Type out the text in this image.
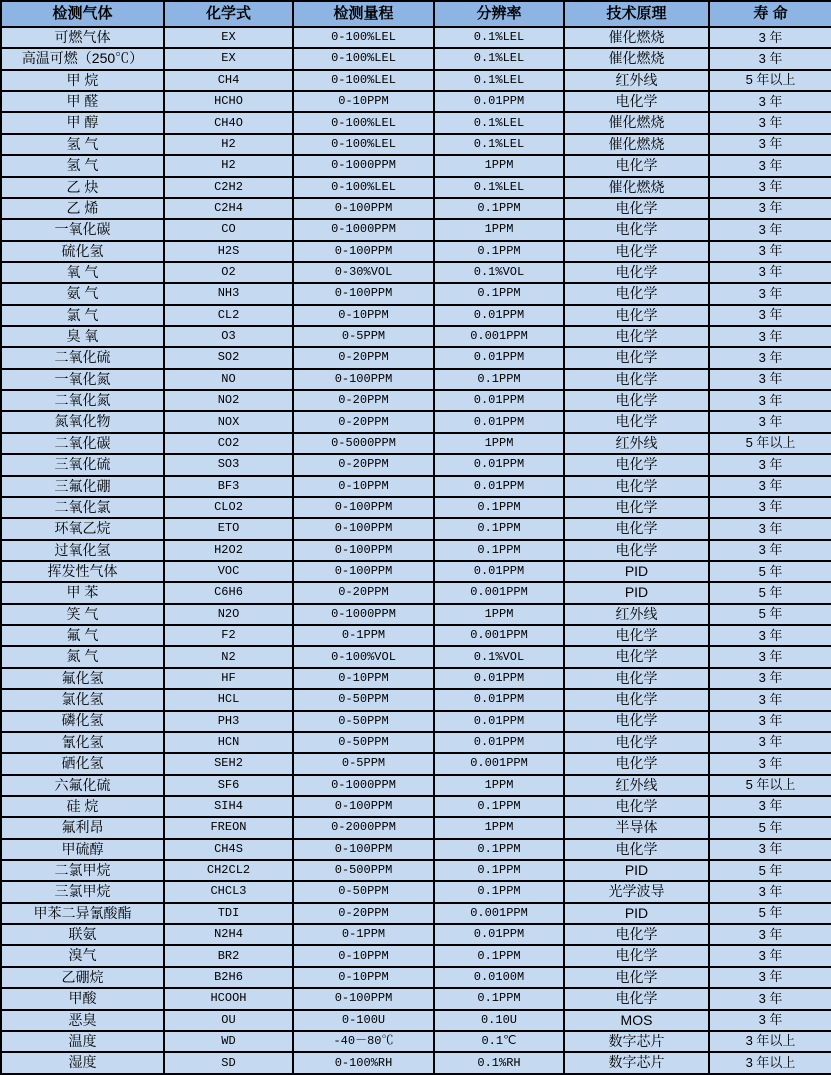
检测气体	化学式	检测量程	分辨率	技术原理	寿 命
可燃气体	EX	0-100%LEL	0.1%LEL	催化燃烧	3 年
高温可燃（250℃）	EX	0-100%LEL	0.1%LEL	催化燃烧	3 年
甲 烷	CH4	0-100%LEL	0.1%LEL	红外线	5 年以上
甲 醛	HCHO	0-10PPM	0.01PPM	电化学	3 年
甲 醇	CH4O	0-100%LEL	0.1%LEL	催化燃烧	3 年
氢 气	H2	0-100%LEL	0.1%LEL	催化燃烧	3 年
氢 气	H2	0-1000PPM	1PPM	电化学	3 年
乙 炔	C2H2	0-100%LEL	0.1%LEL	催化燃烧	3 年
乙 烯	C2H4	0-100PPM	0.1PPM	电化学	3 年
一氧化碳	CO	0-1000PPM	1PPM	电化学	3 年
硫化氢	H2S	0-100PPM	0.1PPM	电化学	3 年
氧 气	O2	0-30%VOL	0.1%VOL	电化学	3 年
氨 气	NH3	0-100PPM	0.1PPM	电化学	3 年
氯 气	CL2	0-10PPM	0.01PPM	电化学	3 年
臭 氧	O3	0-5PPM	0.001PPM	电化学	3 年
二氧化硫	SO2	0-20PPM	0.01PPM	电化学	3 年
一氧化氮	NO	0-100PPM	0.1PPM	电化学	3 年
二氧化氮	NO2	0-20PPM	0.01PPM	电化学	3 年
氮氧化物	NOX	0-20PPM	0.01PPM	电化学	3 年
二氧化碳	CO2	0-5000PPM	1PPM	红外线	5 年以上
三氧化硫	SO3	0-20PPM	0.01PPM	电化学	3 年
三氟化硼	BF3	0-10PPM	0.01PPM	电化学	3 年
二氧化氯	CLO2	0-100PPM	0.1PPM	电化学	3 年
环氧乙烷	ETO	0-100PPM	0.1PPM	电化学	3 年
过氧化氢	H2O2	0-100PPM	0.1PPM	电化学	3 年
挥发性气体	VOC	0-100PPM	0.01PPM	PID	5 年
甲 苯	C6H6	0-20PPM	0.001PPM	PID	5 年
笑 气	N2O	0-1000PPM	1PPM	红外线	5 年
氟 气	F2	0-1PPM	0.001PPM	电化学	3 年
氮 气	N2	0-100%VOL	0.1%VOL	电化学	3 年
氟化氢	HF	0-10PPM	0.01PPM	电化学	3 年
氯化氢	HCL	0-50PPM	0.01PPM	电化学	3 年
磷化氢	PH3	0-50PPM	0.01PPM	电化学	3 年
氰化氢	HCN	0-50PPM	0.01PPM	电化学	3 年
硒化氢	SEH2	0-5PPM	0.001PPM	电化学	3 年
六氟化硫	SF6	0-1000PPM	1PPM	红外线	5 年以上
硅 烷	SIH4	0-100PPM	0.1PPM	电化学	3 年
氟利昂	FREON	0-2000PPM	1PPM	半导体	5 年
甲硫醇	CH4S	0-100PPM	0.1PPM	电化学	3 年
二氯甲烷	CH2CL2	0-500PPM	0.1PPM	PID	5 年
三氯甲烷	CHCL3	0-50PPM	0.1PPM	光学波导	3 年
甲苯二异氰酸酯	TDI	0-20PPM	0.001PPM	PID	5 年
联氨	N2H4	0-1PPM	0.01PPM	电化学	3 年
溴气	BR2	0-10PPM	0.1PPM	电化学	3 年
乙硼烷	B2H6	0-10PPM	0.0100M	电化学	3 年
甲酸	HCOOH	0-100PPM	0.1PPM	电化学	3 年
恶臭	OU	0-100U	0.10U	MOS	3 年
温度	WD	-40－80℃	0.1℃	数字芯片	3 年以上
湿度	SD	0-100%RH	0.1%RH	数字芯片	3 年以上
